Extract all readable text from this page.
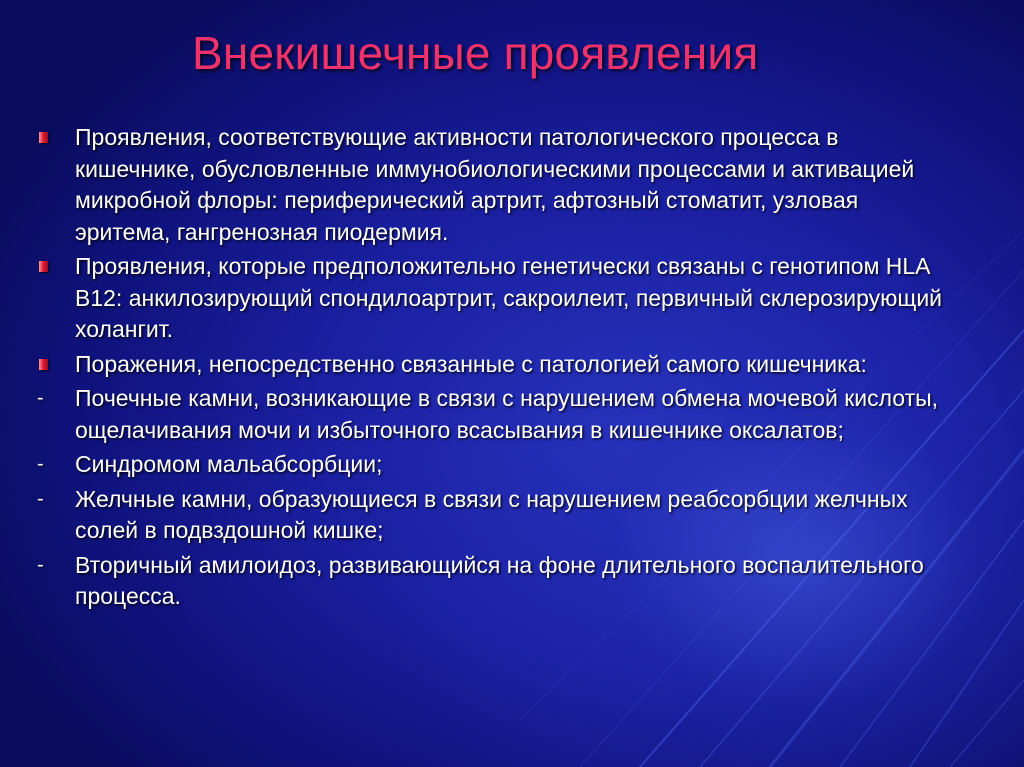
Внекишечные проявления
Проявления, соответствующие активности патологического процесса в кишечнике, обусловленные иммунобиологическими процессами и активацией микробной флоры: периферический артрит, афтозный стоматит, узловая эритема, гангренозная пиодермия.
Проявления, которые предположительно генетически связаны с генотипом HLA B12: анкилозирующий спондилоартрит, сакроилеит, первичный склерозирующий холангит.
Поражения, непосредственно связанные с патологией самого кишечника:
- Почечные камни, возникающие в связи с нарушением обмена мочевой кислоты, ощелачивания мочи и избыточного всасывания в кишечнике оксалатов;
- Синдромом мальабсорбции;
- Желчные камни, образующиеся в связи с нарушением реабсорбции желчных солей в подвздошной кишке;
- Вторичный амилоидоз, развивающийся на фоне длительного воспалительного процесса.
